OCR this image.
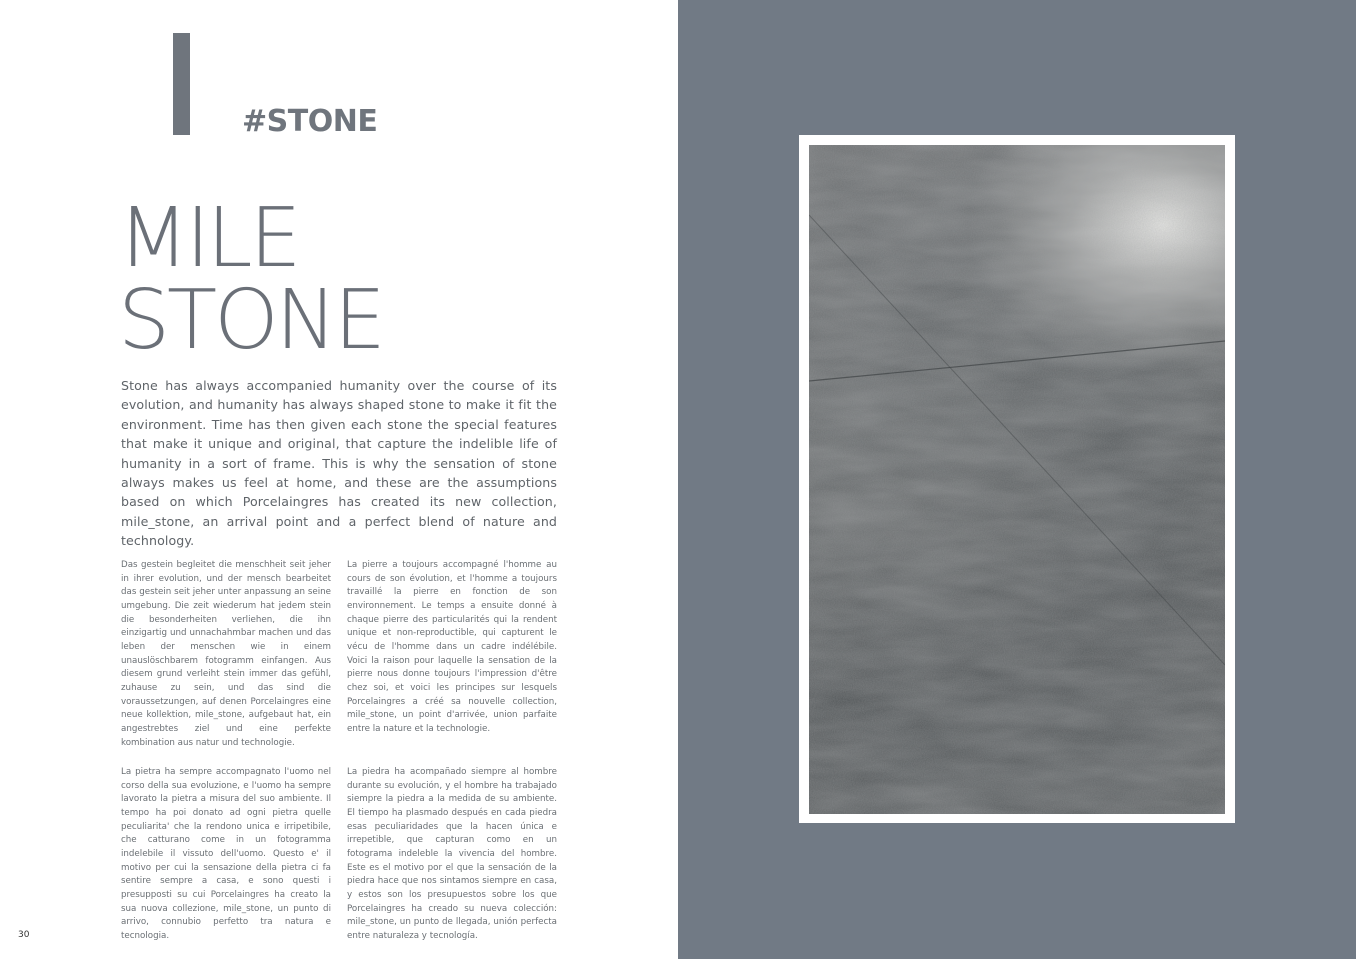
#STONE
MILE
STONE

Stone has always accompanied humanity over the course of its evolution, and humanity has always shaped stone to make it fit the environment. Time has then given each stone the special features that make it unique and original, that capture the indelible life of humanity in a sort of frame. This is why the sensation of stone always makes us feel at home, and these are the assumptions based on which Porcelaingres has created its new collection, mile_stone, an arrival point and a perfect blend of nature and technology.

Das gestein begleitet die menschheit seit jeher in ihrer evolution, und der mensch bearbeitet das gestein seit jeher unter anpassung an seine umgebung. Die zeit wiederum hat jedem stein die besonderheiten verliehen, die ihn einzigartig und unnachahmbar machen und das leben der menschen wie in einem unauslöschbarem fotogramm einfangen. Aus diesem grund verleiht stein immer das gefühl, zuhause zu sein, und das sind die voraussetzungen, auf denen Porcelaingres eine neue kollektion, mile_stone, aufgebaut hat, ein angestrebtes ziel und eine perfekte kombination aus natur und technologie.

La pierre a toujours accompagné l'homme au cours de son évolution, et l'homme a toujours travaillé la pierre en fonction de son environnement. Le temps a ensuite donné à chaque pierre des particularités qui la rendent unique et non-reproductible, qui capturent le vécu de l'homme dans un cadre indélébile. Voici la raison pour laquelle la sensation de la pierre nous donne toujours l'impression d'être chez soi, et voici les principes sur lesquels Porcelaingres a créé sa nouvelle collection, mile_stone, un point d'arrivée, union parfaite entre la nature et la technologie.

La pietra ha sempre accompagnato l'uomo nel corso della sua evoluzione, e l'uomo ha sempre lavorato la pietra a misura del suo ambiente. Il tempo ha poi donato ad ogni pietra quelle peculiarita' che la rendono unica e irripetibile, che catturano come in un fotogramma indelebile il vissuto dell'uomo. Questo e' il motivo per cui la sensazione della pietra ci fa sentire sempre a casa, e sono questi i presupposti su cui Porcelaingres ha creato la sua nuova collezione, mile_stone, un punto di arrivo, connubio perfetto tra natura e tecnologia.

La piedra ha acompañado siempre al hombre durante su evolución, y el hombre ha trabajado siempre la piedra a la medida de su ambiente. El tiempo ha plasmado después en cada piedra esas peculiaridades que la hacen única e irrepetible, que capturan como en un fotograma indeleble la vivencia del hombre. Este es el motivo por el que la sensación de la piedra hace que nos sintamos siempre en casa, y estos son los presupuestos sobre los que Porcelaingres ha creado su nueva colección: mile_stone, un punto de llegada, unión perfecta entre naturaleza y tecnología.

30
